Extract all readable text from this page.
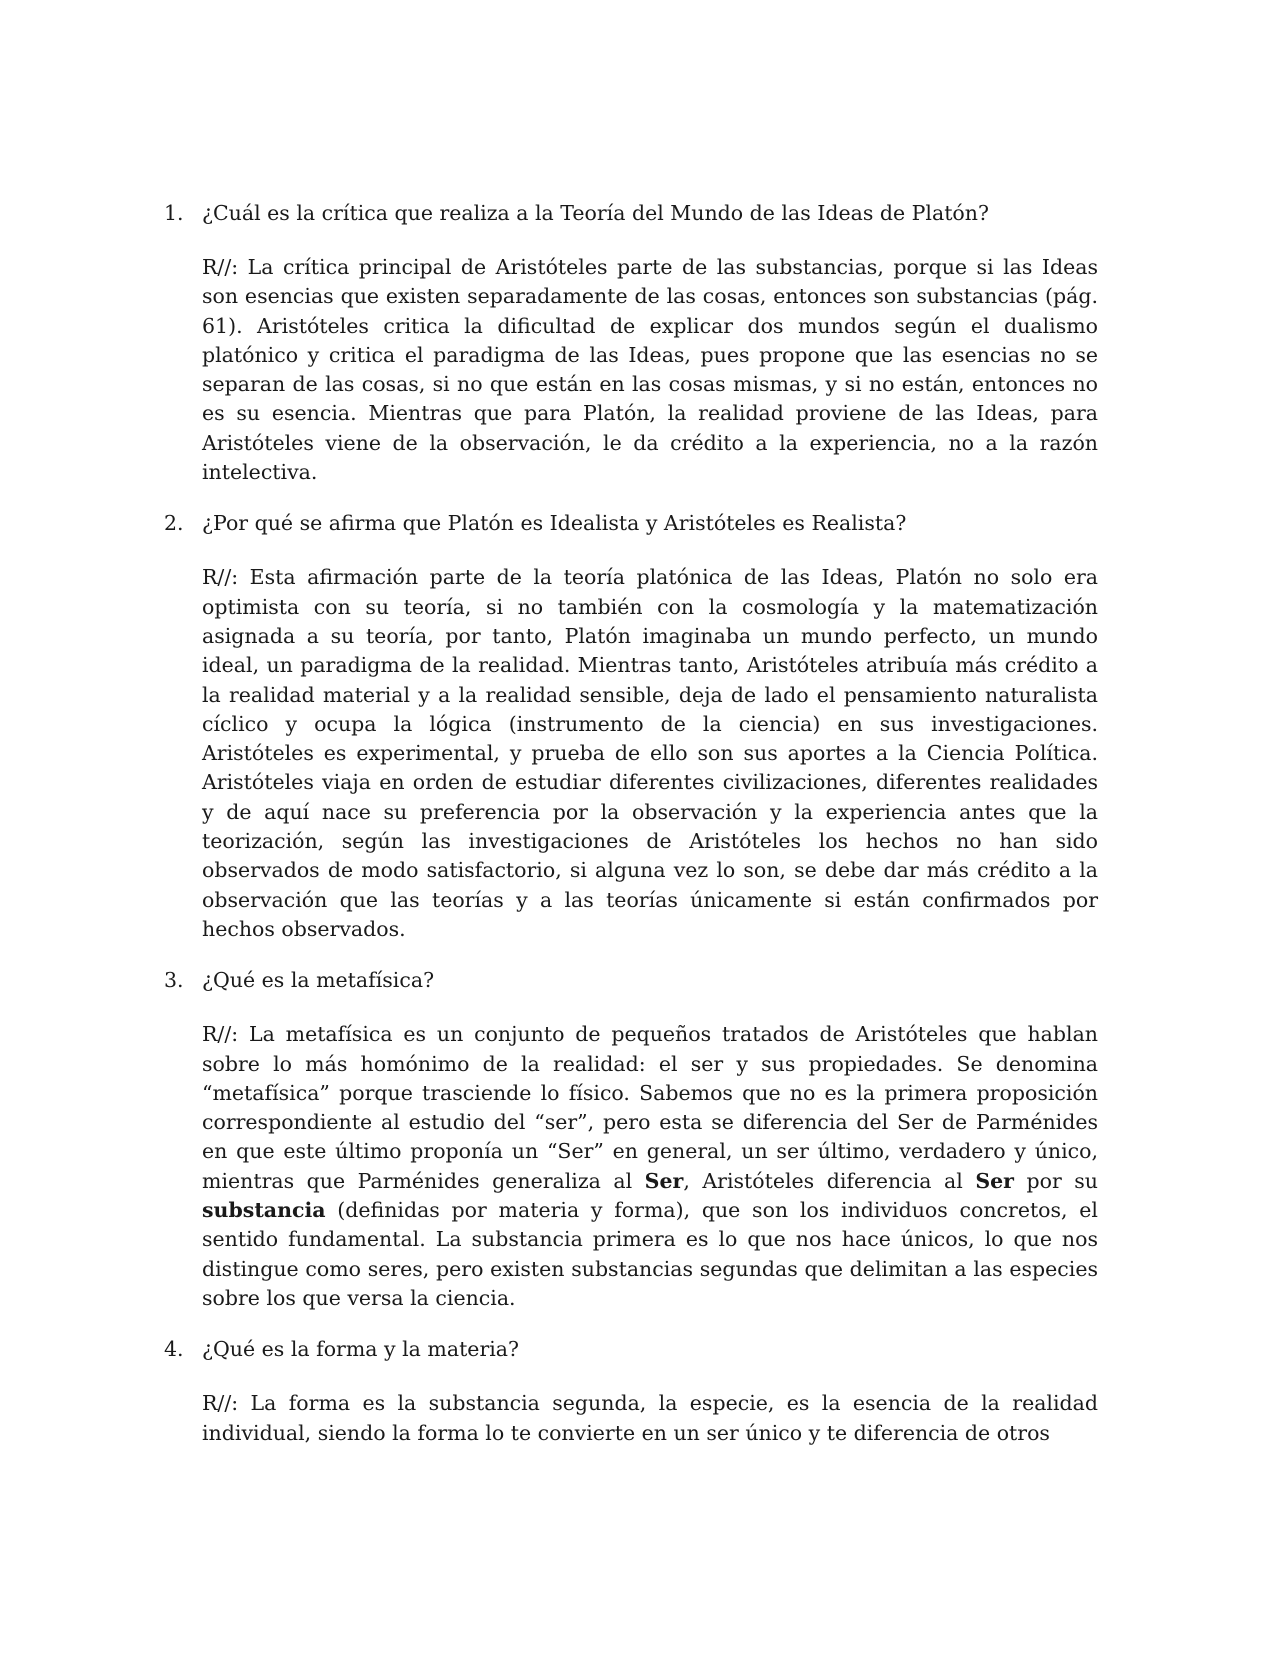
1. ¿Cuál es la crítica que realiza a la Teoría del Mundo de las Ideas de Platón?

R//: La crítica principal de Aristóteles parte de las substancias, porque si las Ideas son esencias que existen separadamente de las cosas, entonces son substancias (pág. 61). Aristóteles critica la dificultad de explicar dos mundos según el dualismo platónico y critica el paradigma de las Ideas, pues propone que las esencias no se separan de las cosas, si no que están en las cosas mismas, y si no están, entonces no es su esencia. Mientras que para Platón, la realidad proviene de las Ideas, para Aristóteles viene de la observación, le da crédito a la experiencia, no a la razón intelectiva.

2. ¿Por qué se afirma que Platón es Idealista y Aristóteles es Realista?

R//: Esta afirmación parte de la teoría platónica de las Ideas, Platón no solo era optimista con su teoría, si no también con la cosmología y la matematización asignada a su teoría, por tanto, Platón imaginaba un mundo perfecto, un mundo ideal, un paradigma de la realidad. Mientras tanto, Aristóteles atribuía más crédito a la realidad material y a la realidad sensible, deja de lado el pensamiento naturalista cíclico y ocupa la lógica (instrumento de la ciencia) en sus investigaciones. Aristóteles es experimental, y prueba de ello son sus aportes a la Ciencia Política. Aristóteles viaja en orden de estudiar diferentes civilizaciones, diferentes realidades y de aquí nace su preferencia por la observación y la experiencia antes que la teorización, según las investigaciones de Aristóteles los hechos no han sido observados de modo satisfactorio, si alguna vez lo son, se debe dar más crédito a la observación que las teorías y a las teorías únicamente si están confirmados por hechos observados.

3. ¿Qué es la metafísica?

R//: La metafísica es un conjunto de pequeños tratados de Aristóteles que hablan sobre lo más homónimo de la realidad: el ser y sus propiedades. Se denomina “metafísica” porque trasciende lo físico. Sabemos que no es la primera proposición correspondiente al estudio del “ser”, pero esta se diferencia del Ser de Parménides en que este último proponía un “Ser” en general, un ser último, verdadero y único, mientras que Parménides generaliza al Ser, Aristóteles diferencia al Ser por su substancia (definidas por materia y forma), que son los individuos concretos, el sentido fundamental. La substancia primera es lo que nos hace únicos, lo que nos distingue como seres, pero existen substancias segundas que delimitan a las especies sobre los que versa la ciencia.

4. ¿Qué es la forma y la materia?

R//: La forma es la substancia segunda, la especie, es la esencia de la realidad individual, siendo la forma lo te convierte en un ser único y te diferencia de otros
